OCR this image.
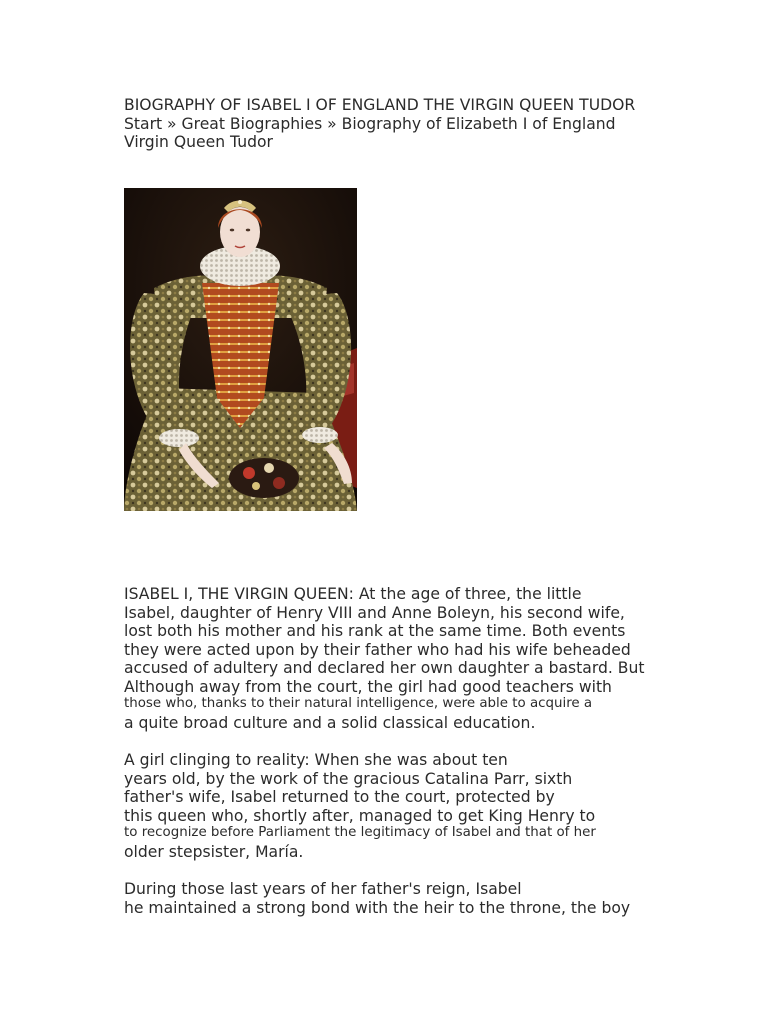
BIOGRAPHY OF ISABEL I OF ENGLAND THE VIRGIN QUEEN TUDOR
Start » Great Biographies » Biography of Elizabeth I of England
Virgin Queen Tudor
ISABEL I, THE VIRGIN QUEEN: At the age of three, the little
Isabel, daughter of Henry VIII and Anne Boleyn, his second wife,
lost both his mother and his rank at the same time. Both events
they were acted upon by their father who had his wife beheaded
accused of adultery and declared her own daughter a bastard. But
Although away from the court, the girl had good teachers with
those who, thanks to their natural intelligence, were able to acquire a
a quite broad culture and a solid classical education.
A girl clinging to reality: When she was about ten
years old, by the work of the gracious Catalina Parr, sixth
father's wife, Isabel returned to the court, protected by
this queen who, shortly after, managed to get King Henry to
to recognize before Parliament the legitimacy of Isabel and that of her
older stepsister, María.
During those last years of her father's reign, Isabel
he maintained a strong bond with the heir to the throne, the boy
